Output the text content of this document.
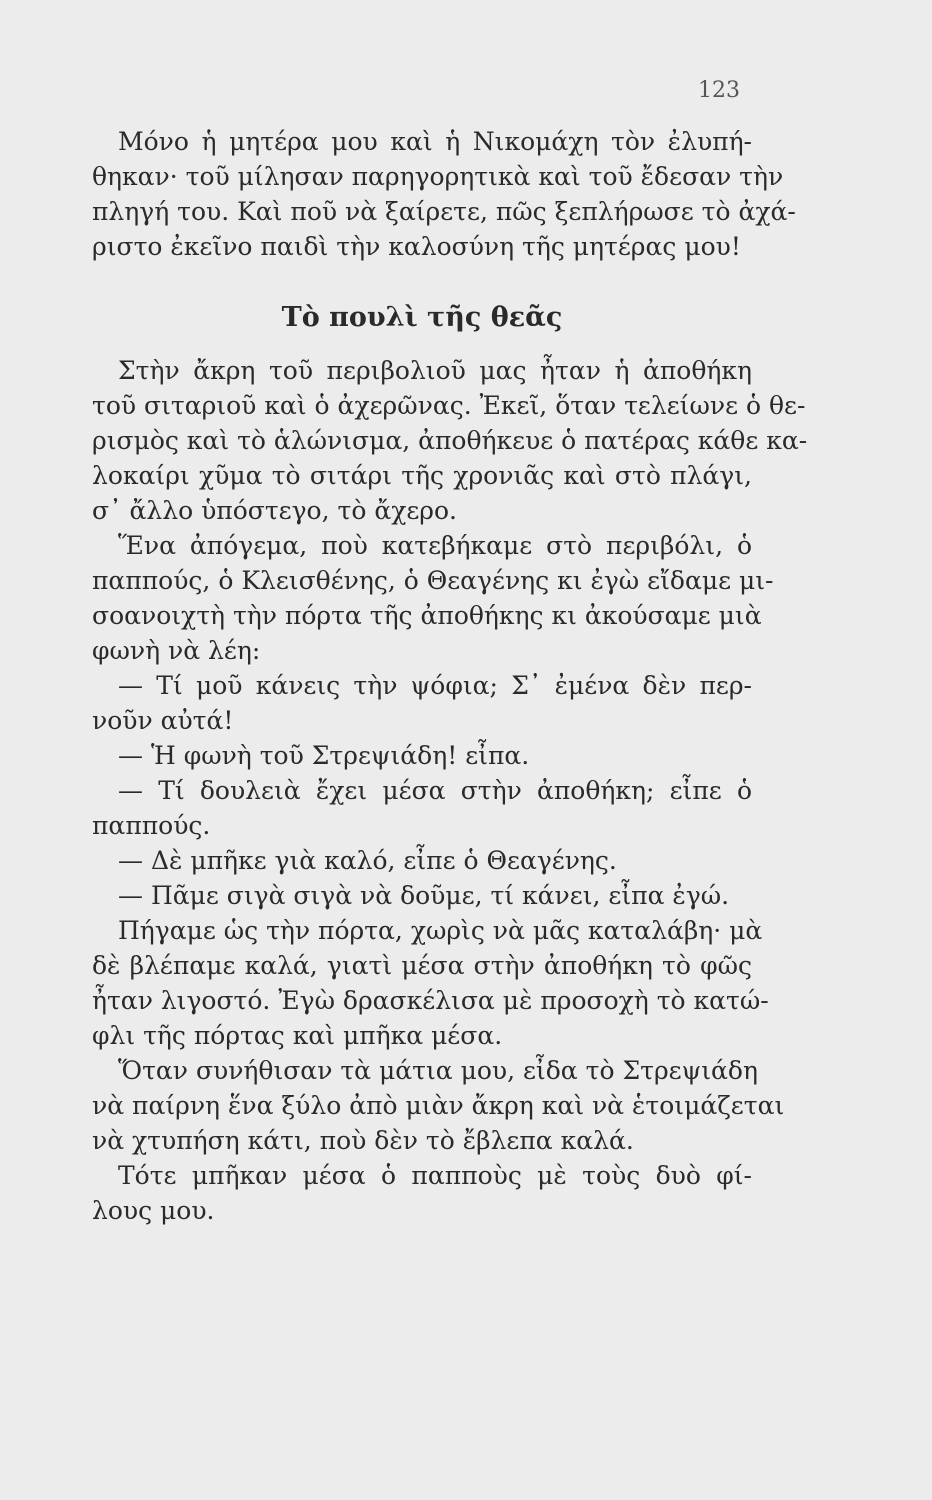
123
Μόνο ἡ μητέρα μου καὶ ἡ Νικομάχη τὸν ἐλυπή-
θηκαν· τοῦ μίλησαν παρηγορητικὰ καὶ τοῦ ἔδεσαν τὴν
πληγή του. Καὶ ποῦ νὰ ξαίρετε, πῶς ξεπλήρωσε τὸ ἀχά-
ριστο ἐκεῖνο παιδὶ τὴν καλοσύνη τῆς μητέρας μου!
Τὸ πουλὶ τῆς θεᾶς
Στὴν ἄκρη τοῦ περιβολιοῦ μας ἦταν ἡ ἀποθήκη
τοῦ σιταριοῦ καὶ ὁ ἀχερῶνας. Ἐκεῖ, ὅταν τελείωνε ὁ θε-
ρισμὸς καὶ τὸ ἁλώνισμα, ἀποθήκευε ὁ πατέρας κάθε κα-
λοκαίρι χῦμα τὸ σιτάρι τῆς χρονιᾶς καὶ στὸ πλάγι,
σ᾽ ἄλλο ὑπόστεγο, τὸ ἄχερο.
Ἕνα ἀπόγεμα, ποὺ κατεβήκαμε στὸ περιβόλι, ὁ
παππούς, ὁ Κλεισθένης, ὁ Θεαγένης κι ἐγὼ εἴδαμε μι-
σοανοιχτὴ τὴν πόρτα τῆς ἀποθήκης κι ἀκούσαμε μιὰ
φωνὴ νὰ λέη:
— Τί μοῦ κάνεις τὴν ψόφια; Σ᾽ ἐμένα δὲν περ-
νοῦν αὐτά!
— Ἡ φωνὴ τοῦ Στρεψιάδη! εἶπα.
— Τί δουλειὰ ἔχει μέσα στὴν ἀποθήκη; εἶπε ὁ
παππούς.
— Δὲ μπῆκε γιὰ καλό, εἶπε ὁ Θεαγένης.
— Πᾶμε σιγὰ σιγὰ νὰ δοῦμε, τί κάνει, εἶπα ἐγώ.
Πήγαμε ὡς τὴν πόρτα, χωρὶς νὰ μᾶς καταλάβη· μὰ
δὲ βλέπαμε καλά, γιατὶ μέσα στὴν ἀποθήκη τὸ φῶς
ἦταν λιγοστό. Ἐγὼ δρασκέλισα μὲ προσοχὴ τὸ κατώ-
φλι τῆς πόρτας καὶ μπῆκα μέσα.
Ὅταν συνήθισαν τὰ μάτια μου, εἶδα τὸ Στρεψιάδη
νὰ παίρνη ἕνα ξύλο ἀπὸ μιὰν ἄκρη καὶ νὰ ἑτοιμάζεται
νὰ χτυπήση κάτι, ποὺ δὲν τὸ ἔβλεπα καλά.
Τότε μπῆκαν μέσα ὁ παπποὺς μὲ τοὺς δυὸ φί-
λους μου.
